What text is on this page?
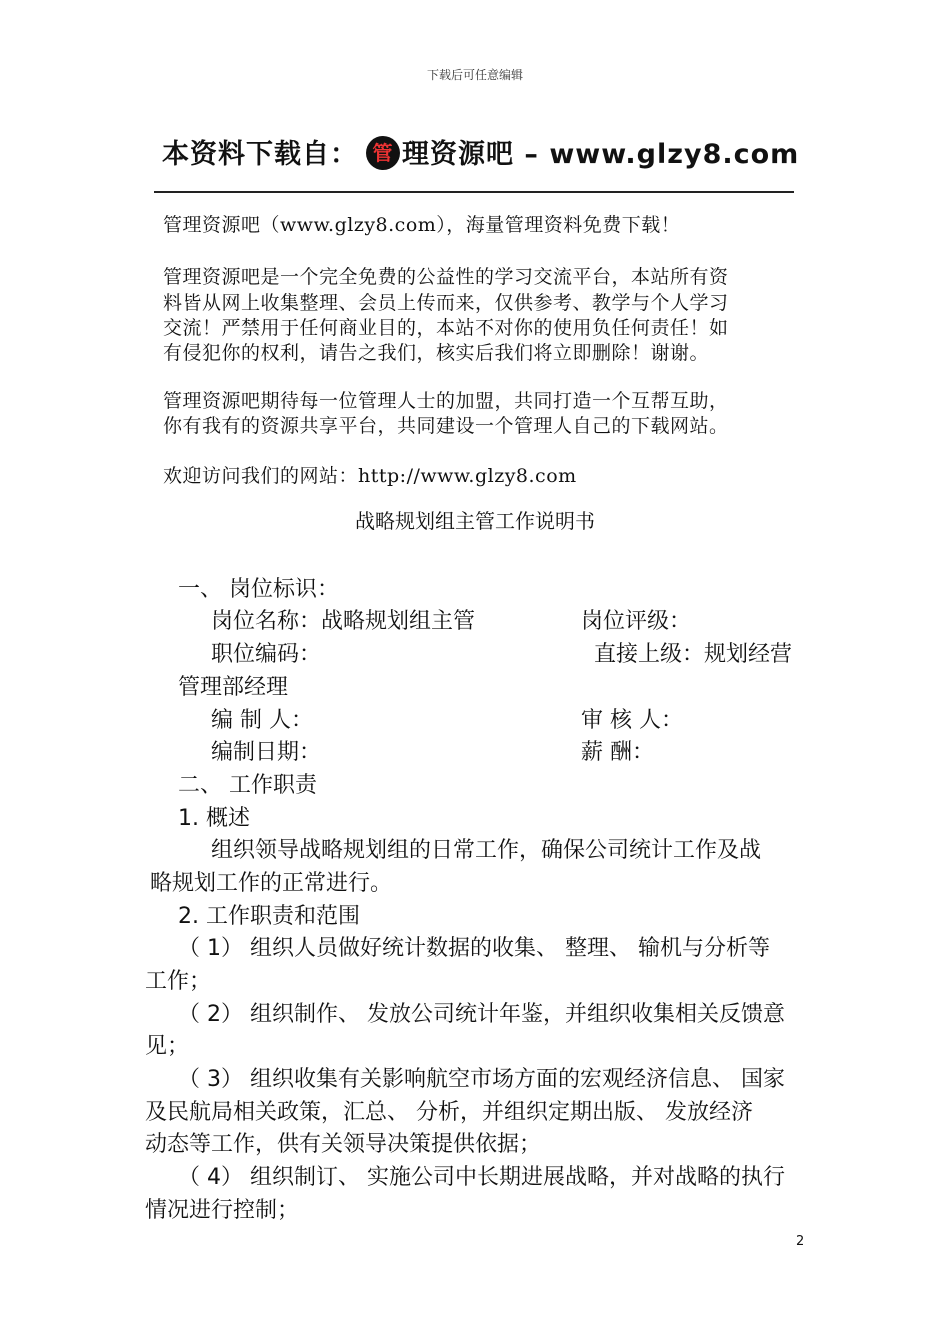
下载后可任意编辑
本资料下载自： 管 理资源吧 – www.glzy8.com
管理资源吧（www.glzy8.com），海量管理资料免费下载！
管理资源吧是一个完全免费的公益性的学习交流平台，本站所有资
料皆从网上收集整理、会员上传而来，仅供参考、教学与个人学习
交流！严禁用于任何商业目的，本站不对你的使用负任何责任！如
有侵犯你的权利，请告之我们，核实后我们将立即删除！谢谢。
管理资源吧期待每一位管理人士的加盟，共同打造一个互帮互助，
你有我有的资源共享平台，共同建设一个管理人自己的下载网站。
欢迎访问我们的网站：http://www.glzy8.com
战略规划组主管工作说明书
一、 岗位标识：
岗位名称：战略规划组主管	岗位评级：
职位编码：	直接上级：规划经营
管理部经理
编 制 人：	审 核 人：
编制日期：	薪 酬：
二、 工作职责
1. 概述
组织领导战略规划组的日常工作，确保公司统计工作及战
略规划工作的正常进行。
2. 工作职责和范围
（ 1） 组织人员做好统计数据的收集、 整理、 输机与分析等
工作；
（ 2） 组织制作、 发放公司统计年鉴，并组织收集相关反馈意
见；
（ 3） 组织收集有关影响航空市场方面的宏观经济信息、 国家
及民航局相关政策，汇总、 分析，并组织定期出版、 发放经济
动态等工作，供有关领导决策提供依据；
（ 4） 组织制订、 实施公司中长期进展战略，并对战略的执行
情况进行控制；
2
